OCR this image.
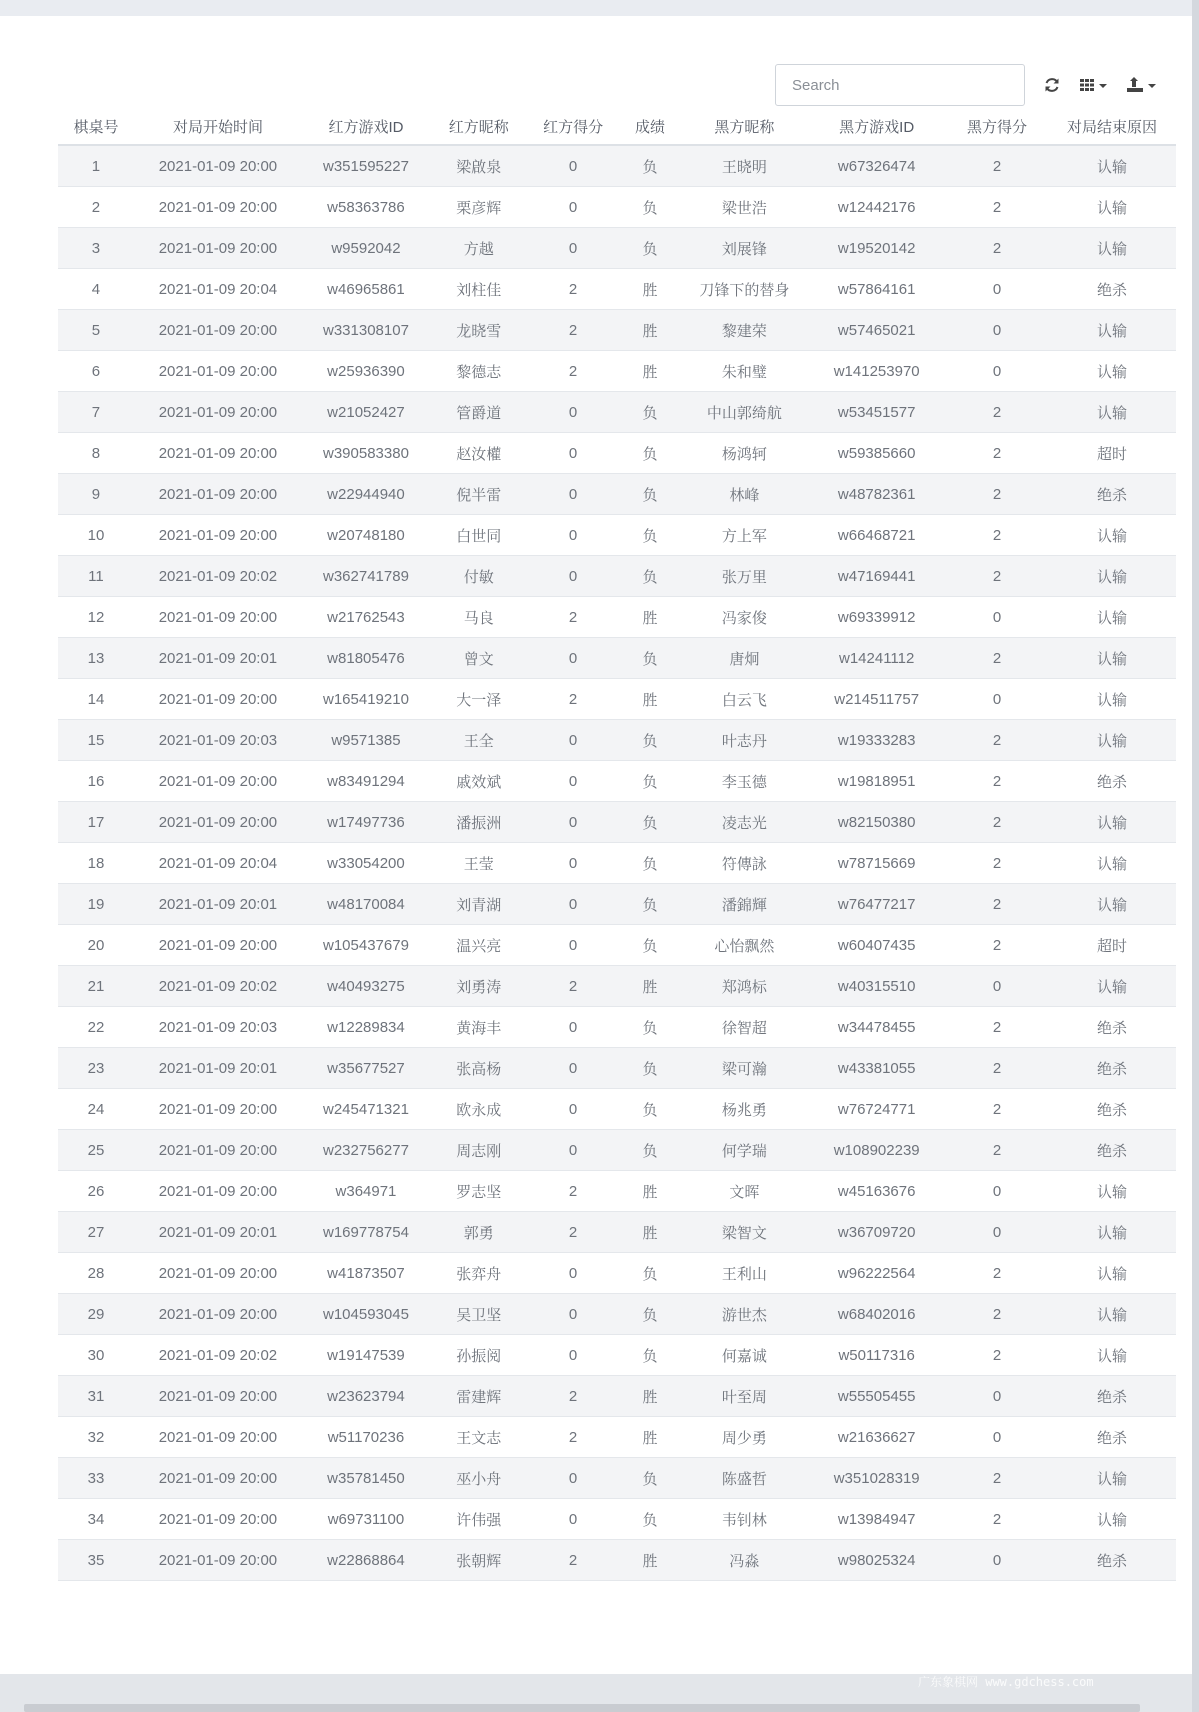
Search
棋桌号	对局开始时间	红方游戏ID	红方昵称	红方得分	成绩	黑方昵称	黑方游戏ID	黑方得分	对局结束原因
1	2021-01-09 20:00	w351595227	梁啟泉	0	负	王晓明	w67326474	2	认输
2	2021-01-09 20:00	w58363786	栗彦辉	0	负	梁世浩	w12442176	2	认输
3	2021-01-09 20:00	w9592042	方越	0	负	刘展锋	w19520142	2	认输
4	2021-01-09 20:04	w46965861	刘柱佳	2	胜	刀锋下的替身	w57864161	0	绝杀
5	2021-01-09 20:00	w331308107	龙晓雪	2	胜	黎建荣	w57465021	0	认输
6	2021-01-09 20:00	w25936390	黎德志	2	胜	朱和璧	w141253970	0	认输
7	2021-01-09 20:00	w21052427	管爵道	0	负	中山郭绮航	w53451577	2	认输
8	2021-01-09 20:00	w390583380	赵汝權	0	负	杨鸿轲	w59385660	2	超时
9	2021-01-09 20:00	w22944940	倪半雷	0	负	林峰	w48782361	2	绝杀
10	2021-01-09 20:00	w20748180	白世同	0	负	方上军	w66468721	2	认输
11	2021-01-09 20:02	w362741789	付敏	0	负	张万里	w47169441	2	认输
12	2021-01-09 20:00	w21762543	马良	2	胜	冯家俊	w69339912	0	认输
13	2021-01-09 20:01	w81805476	曾文	0	负	唐炯	w14241112	2	认输
14	2021-01-09 20:00	w165419210	大一泽	2	胜	白云飞	w214511757	0	认输
15	2021-01-09 20:03	w9571385	王全	0	负	叶志丹	w19333283	2	认输
16	2021-01-09 20:00	w83491294	戚效斌	0	负	李玉德	w19818951	2	绝杀
17	2021-01-09 20:00	w17497736	潘振洲	0	负	凌志光	w82150380	2	认输
18	2021-01-09 20:04	w33054200	王莹	0	负	符傳詠	w78715669	2	认输
19	2021-01-09 20:01	w48170084	刘青湖	0	负	潘錦輝	w76477217	2	认输
20	2021-01-09 20:00	w105437679	温兴亮	0	负	心怡飘然	w60407435	2	超时
21	2021-01-09 20:02	w40493275	刘勇涛	2	胜	郑鸿标	w40315510	0	认输
22	2021-01-09 20:03	w12289834	黄海丰	0	负	徐智超	w34478455	2	绝杀
23	2021-01-09 20:01	w35677527	张高杨	0	负	梁可瀚	w43381055	2	绝杀
24	2021-01-09 20:00	w245471321	欧永成	0	负	杨兆勇	w76724771	2	绝杀
25	2021-01-09 20:00	w232756277	周志刚	0	负	何学瑞	w108902239	2	绝杀
26	2021-01-09 20:00	w364971	罗志坚	2	胜	文晖	w45163676	0	认输
27	2021-01-09 20:01	w169778754	郭勇	2	胜	梁智文	w36709720	0	认输
28	2021-01-09 20:00	w41873507	张弈舟	0	负	王利山	w96222564	2	认输
29	2021-01-09 20:00	w104593045	吴卫坚	0	负	游世杰	w68402016	2	认输
30	2021-01-09 20:02	w19147539	孙振阅	0	负	何嘉诚	w50117316	2	认输
31	2021-01-09 20:00	w23623794	雷建辉	2	胜	叶至周	w55505455	0	绝杀
32	2021-01-09 20:00	w51170236	王文志	2	胜	周少勇	w21636627	0	绝杀
33	2021-01-09 20:00	w35781450	巫小舟	0	负	陈盛哲	w351028319	2	认输
34	2021-01-09 20:00	w69731100	许伟强	0	负	韦钊林	w13984947	2	认输
35	2021-01-09 20:00	w22868864	张朝辉	2	胜	冯淼	w98025324	0	绝杀
广东象棋网 www.gdchess.com
